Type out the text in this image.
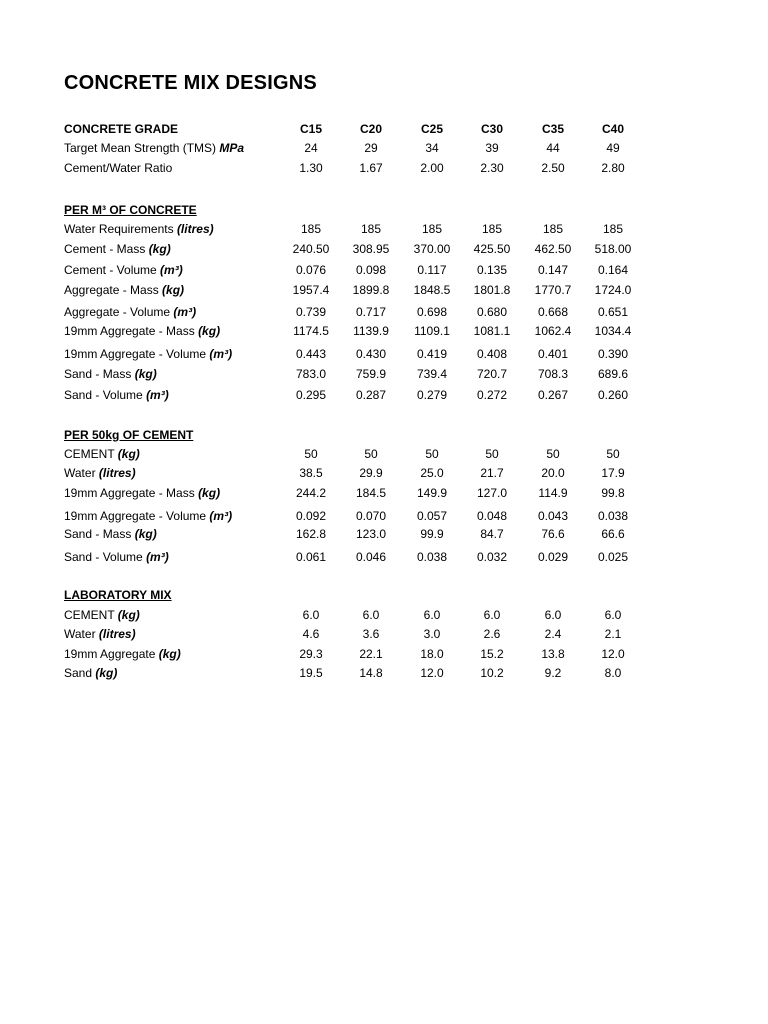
CONCRETE MIX DESIGNS
CONCRETE GRADE	C15	C20	C25	C30	C35	C40
Target Mean Strength (TMS) MPa	24	29	34	39	44	49
Cement/Water Ratio	1.30	1.67	2.00	2.30	2.50	2.80
PER M³ OF CONCRETE
Water Requirements (litres)	185	185	185	185	185	185
Cement - Mass (kg)	240.50	308.95	370.00	425.50	462.50	518.00
Cement - Volume (m³)	0.076	0.098	0.117	0.135	0.147	0.164
Aggregate - Mass (kg)	1957.4	1899.8	1848.5	1801.8	1770.7	1724.0
Aggregate - Volume (m³)	0.739	0.717	0.698	0.680	0.668	0.651
19mm Aggregate - Mass (kg)	1174.5	1139.9	1109.1	1081.1	1062.4	1034.4
19mm Aggregate - Volume (m³)	0.443	0.430	0.419	0.408	0.401	0.390
Sand - Mass (kg)	783.0	759.9	739.4	720.7	708.3	689.6
Sand - Volume (m³)	0.295	0.287	0.279	0.272	0.267	0.260
PER 50kg OF CEMENT
CEMENT (kg)	50	50	50	50	50	50
Water (litres)	38.5	29.9	25.0	21.7	20.0	17.9
19mm Aggregate - Mass (kg)	244.2	184.5	149.9	127.0	114.9	99.8
19mm Aggregate - Volume (m³)	0.092	0.070	0.057	0.048	0.043	0.038
Sand - Mass (kg)	162.8	123.0	99.9	84.7	76.6	66.6
Sand - Volume (m³)	0.061	0.046	0.038	0.032	0.029	0.025
LABORATORY MIX
CEMENT (kg)	6.0	6.0	6.0	6.0	6.0	6.0
Water (litres)	4.6	3.6	3.0	2.6	2.4	2.1
19mm Aggregate (kg)	29.3	22.1	18.0	15.2	13.8	12.0
Sand (kg)	19.5	14.8	12.0	10.2	9.2	8.0
